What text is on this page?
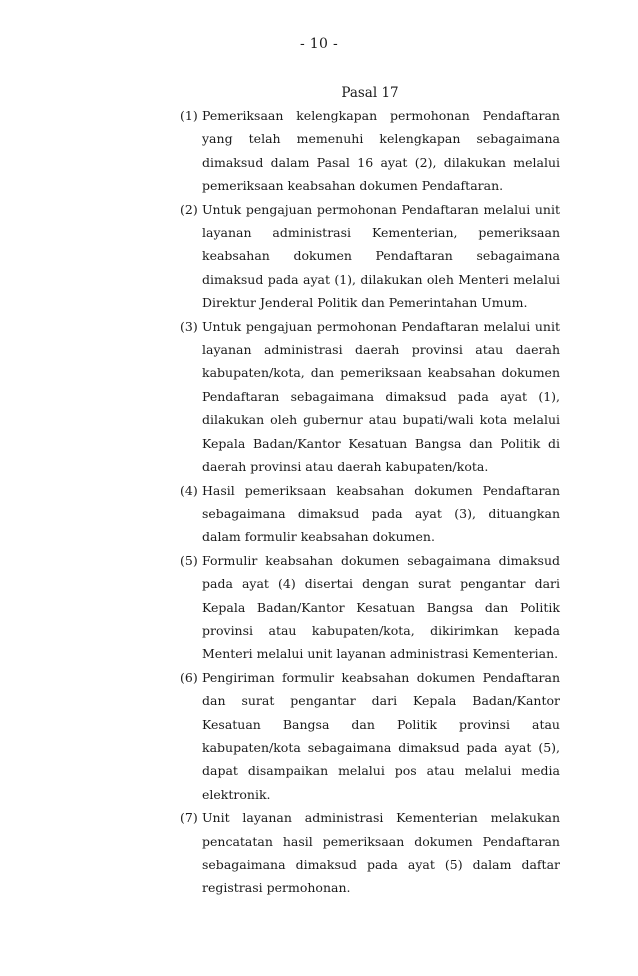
- 10 -
Pasal 17
(1) Pemeriksaan kelengkapan permohonan Pendaftaran yang telah memenuhi kelengkapan sebagaimana dimaksud dalam Pasal 16 ayat (2), dilakukan melalui pemeriksaan keabsahan dokumen Pendaftaran.

(2) Untuk pengajuan permohonan Pendaftaran melalui unit layanan administrasi Kementerian, pemeriksaan keabsahan dokumen Pendaftaran sebagaimana dimaksud pada ayat (1), dilakukan oleh Menteri melalui Direktur Jenderal Politik dan Pemerintahan Umum.

(3) Untuk pengajuan permohonan Pendaftaran melalui unit layanan administrasi daerah provinsi atau daerah kabupaten/kota, dan pemeriksaan keabsahan dokumen Pendaftaran sebagaimana dimaksud pada ayat (1), dilakukan oleh gubernur atau bupati/wali kota melalui Kepala Badan/Kantor Kesatuan Bangsa dan Politik di daerah provinsi atau daerah kabupaten/kota.

(4) Hasil pemeriksaan keabsahan dokumen Pendaftaran sebagaimana dimaksud pada ayat (3), dituangkan dalam formulir keabsahan dokumen.

(5) Formulir keabsahan dokumen sebagaimana dimaksud pada ayat (4) disertai dengan surat pengantar dari Kepala Badan/Kantor Kesatuan Bangsa dan Politik provinsi atau kabupaten/kota, dikirimkan kepada Menteri melalui unit layanan administrasi Kementerian.

(6) Pengiriman formulir keabsahan dokumen Pendaftaran dan surat pengantar dari Kepala Badan/Kantor Kesatuan Bangsa dan Politik provinsi atau kabupaten/kota sebagaimana dimaksud pada ayat (5), dapat disampaikan melalui pos atau melalui media elektronik.

(7) Unit layanan administrasi Kementerian melakukan pencatatan hasil pemeriksaan dokumen Pendaftaran sebagaimana dimaksud pada ayat (5) dalam daftar registrasi permohonan.
